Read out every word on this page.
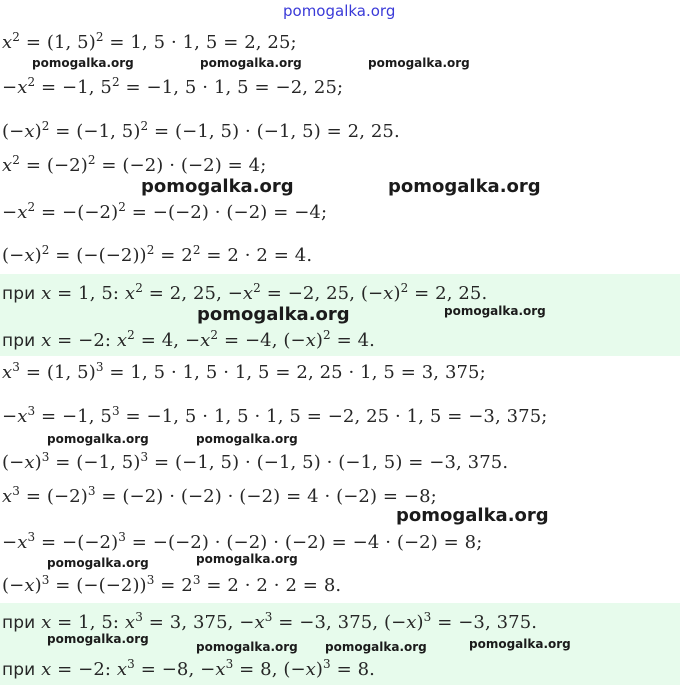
pomogalka.org
$x^2 = (1$, 5)$^2$ = 1, 5 · 1, 5 = 2, 25;
$-x^2 = -1$, $5^2 = -1$, 5 · 1, 5 = −2, 25;
$(-x)^2 = (-1$, 5)$^2$ = (−1, 5) · (−1, 5) = 2, 25.
$x^2 = (-2)^2 = (-2) \cdot (-2) = 4$;
$-x^2 = -(-2)^2 = -(-2) \cdot (-2) = -4$;
$(-x)^2 = (-(-2))^2 = 2^2 = 2 \cdot 2 = 4$.
при x = 1, 5: $x^2 = 2$, 25, $-x^2 = -2$, 25, $(-x)^2 = 2$, 25.
при x = −2: $x^2 = 4$, $-x^2 = -4$, $(-x)^2 = 4$.
$x^3 = (1$, 5)$^3$ = 1, 5 · 1, 5 · 1, 5 = 2, 25 · 1, 5 = 3, 375;
$-x^3 = -1$, $5^3 = -1$, 5 · 1, 5 · 1, 5 = −2, 25 · 1, 5 = −3, 375;
$(-x)^3 = (-1$, 5)$^3$ = (−1, 5) · (−1, 5) · (−1, 5) = −3, 375.
$x^3 = (-2)^3 = (-2) \cdot (-2) \cdot (-2) = 4 \cdot (-2) = -8$;
$-x^3 = -(-2)^3 = -(-2) \cdot (-2) \cdot (-2) = -4 \cdot (-2) = 8$;
$(-x)^3 = (-(-2))^3 = 2^3 = 2 \cdot 2 \cdot 2 = 8$.
при x = 1, 5: $x^3 = 3$, 375, $-x^3 = -3$, 375, $(-x)^3 = -3$, 375.
при x = −2: $x^3 = -8$, $-x^3 = 8$, $(-x)^3 = 8$.
pomogalka.org	pomogalka.org	pomogalka.org
pomogalka.org	pomogalka.org
pomogalka.org	pomogalka.org
pomogalka.org	pomogalka.org
pomogalka.org
pomogalka.org	pomogalka.org
pomogalka.org
pomogalka.org pomogalka.org	pomogalka.org
